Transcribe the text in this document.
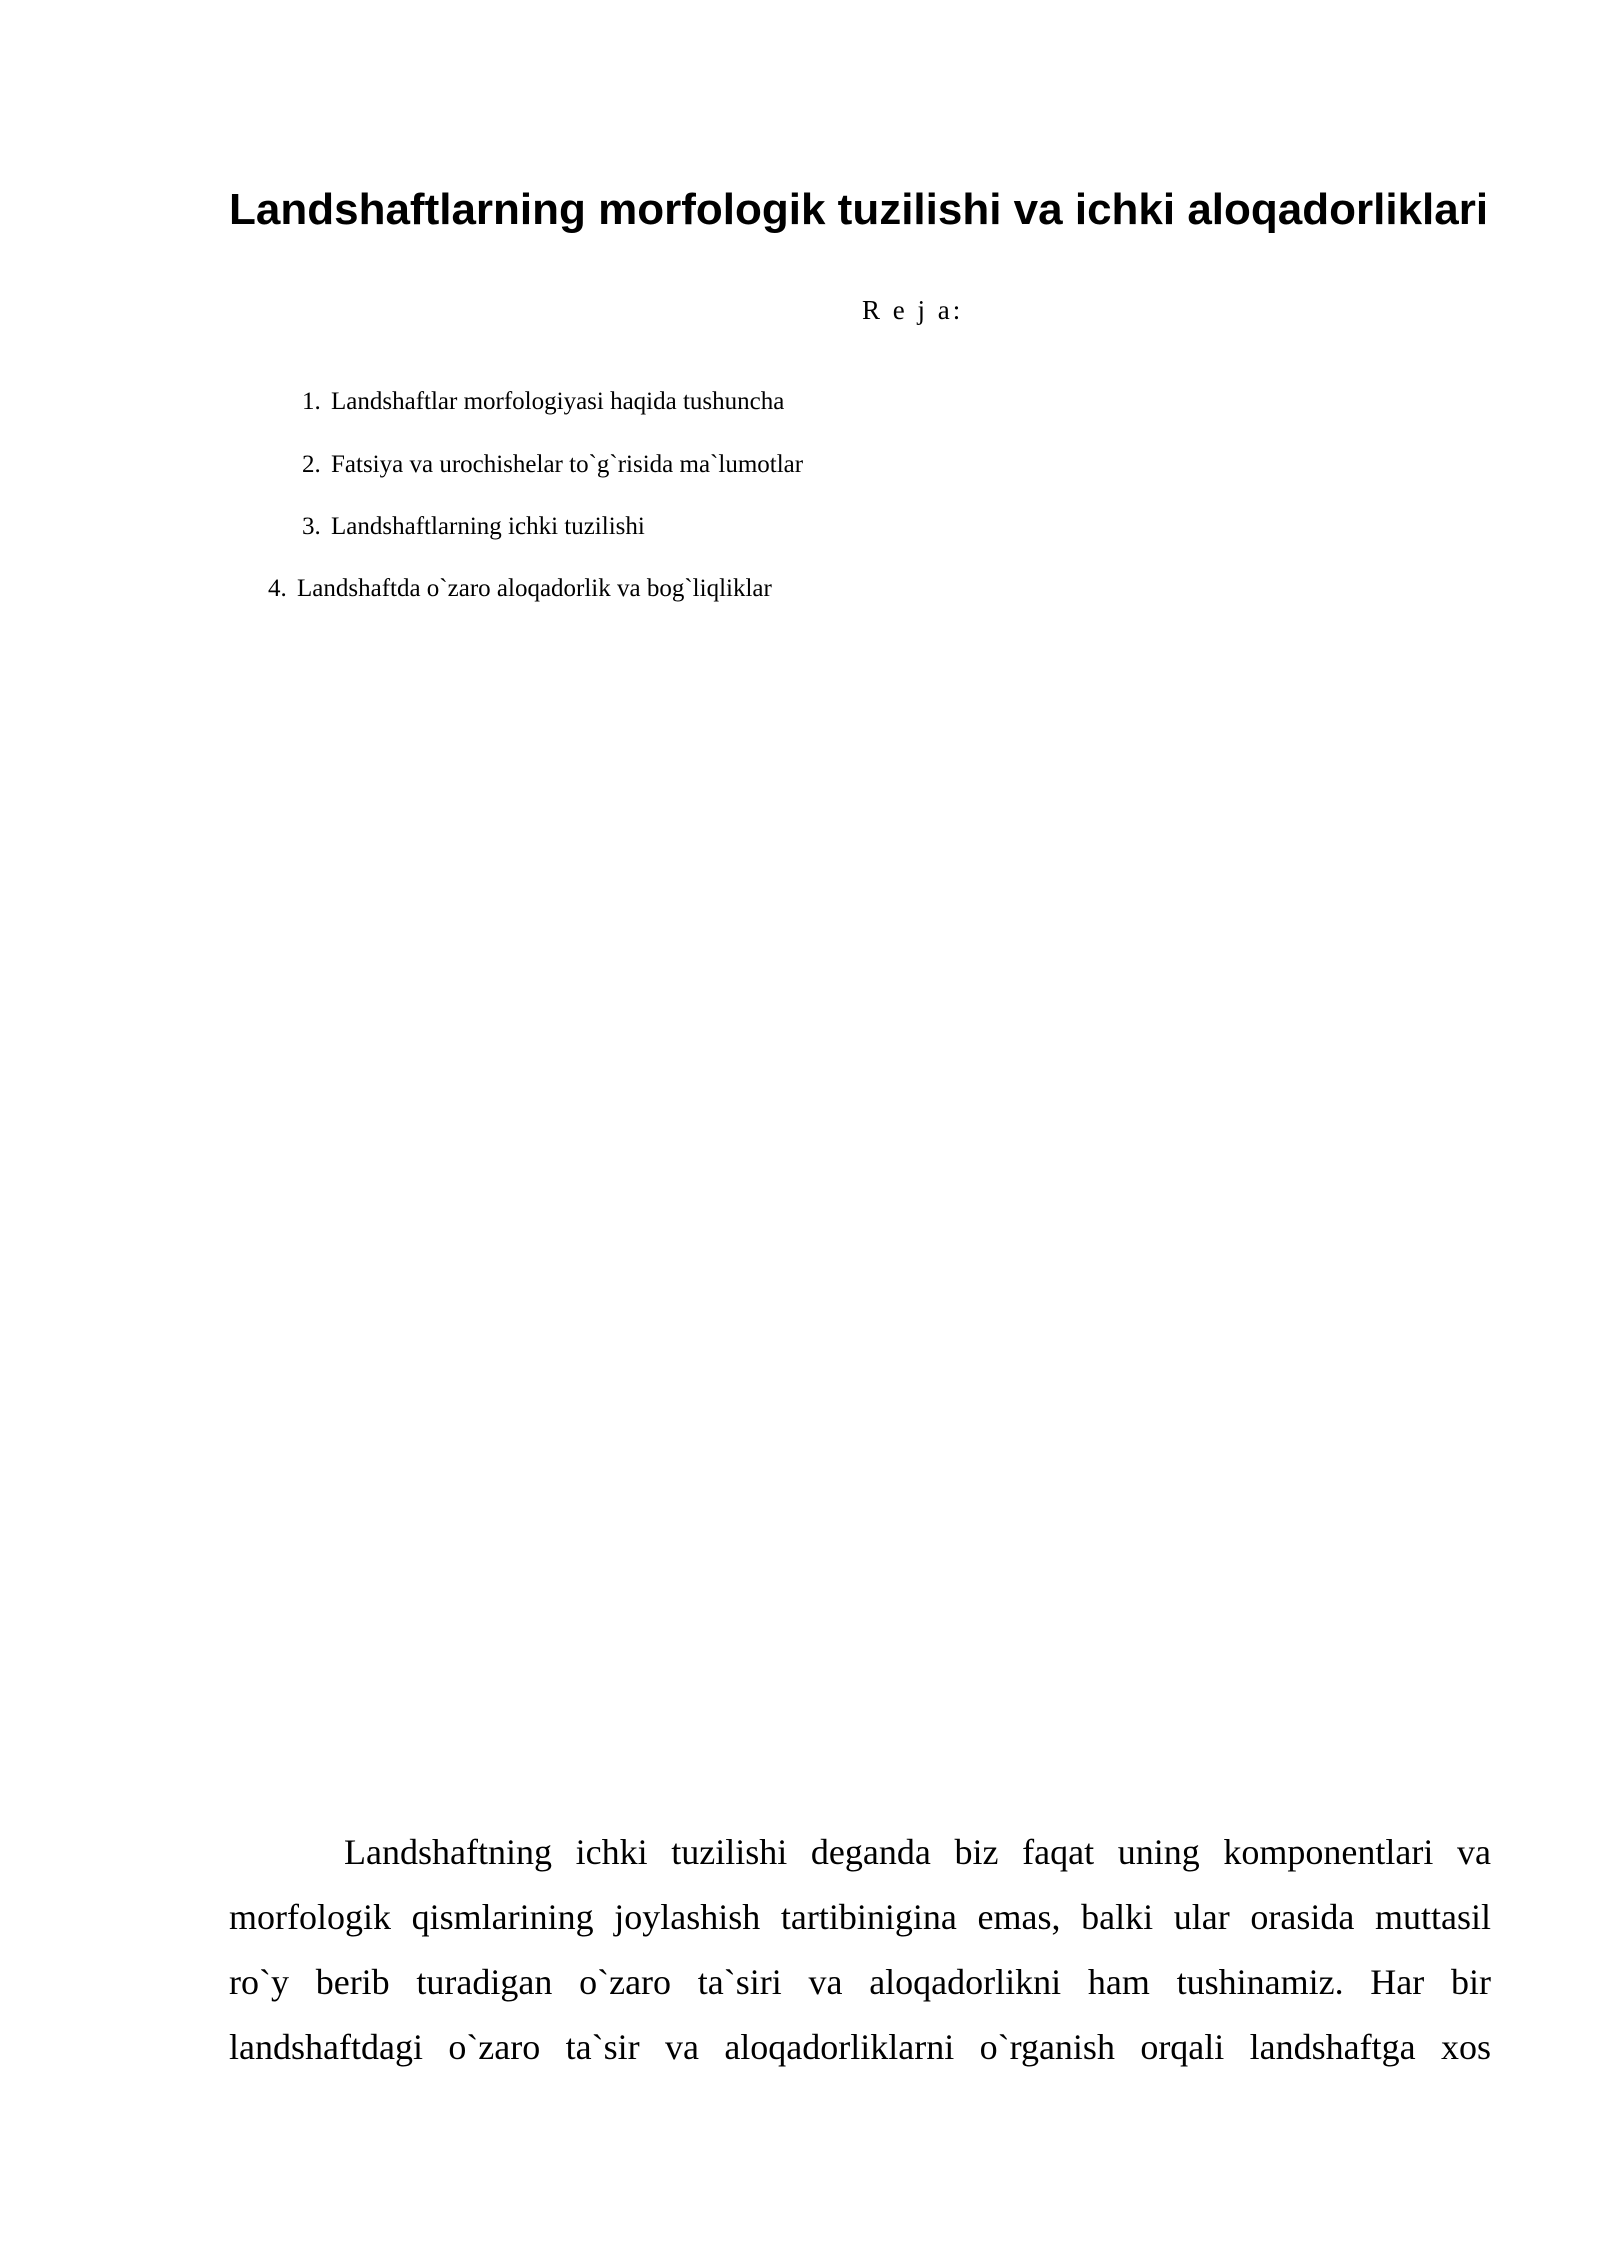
Landshaftlarning morfologik tuzilishi va ichki aloqadorliklari

R e j a:

1. Landshaftlar morfologiyasi haqida tushuncha

2. Fatsiya va urochishelar to`g`risida ma`lumotlar

3. Landshaftlarning ichki tuzilishi

4. Landshaftda o`zaro aloqadorlik va bog`liqliklar

Landshaftning ichki tuzilishi deganda biz faqat uning komponentlari va
morfologik qismlarining joylashish tartibinigina emas, balki ular orasida muttasil
ro`y berib turadigan o`zaro ta`siri va aloqadorlikni ham tushinamiz. Har bir
landshaftdagi o`zaro ta`sir va aloqadorliklarni o`rganish orqali landshaftga xos
